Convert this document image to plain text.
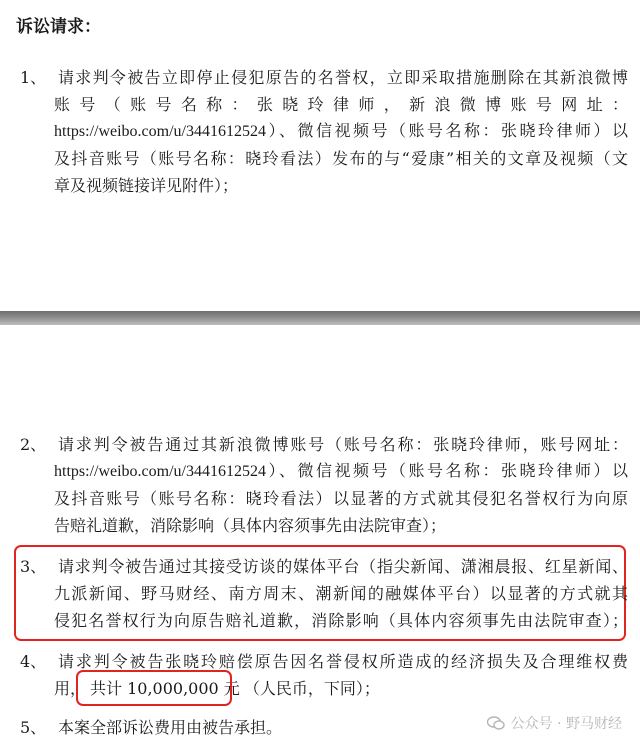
诉讼请求：
1、 请求判令被告立即停止侵犯原告的名誉权，立即采取措施删除在其新浪微博
账号（账号名称：张晓玲律师，新浪微博账号网址：
https://weibo.com/u/3441612524）、微信视频号（账号名称：张晓玲律师）以
及抖音账号（账号名称：晓玲看法）发布的与“爱康”相关的文章及视频（文
章及视频链接详见附件）；
2、 请求判令被告通过其新浪微博账号（账号名称：张晓玲律师，账号网址：
https://weibo.com/u/3441612524）、微信视频号（账号名称：张晓玲律师）以
及抖音账号（账号名称：晓玲看法）以显著的方式就其侵犯名誉权行为向原
告赔礼道歉，消除影响（具体内容须事先由法院审查）；
3、 请求判令被告通过其接受访谈的媒体平台（指尖新闻、潇湘晨报、红星新闻、
九派新闻、野马财经、南方周末、潮新闻的融媒体平台）以显著的方式就其
侵犯名誉权行为向原告赔礼道歉，消除影响（具体内容须事先由法院审查）；
4、 请求判令被告张晓玲赔偿原告因名誉侵权所造成的经济损失及合理维权费
用， 共计 10,000,000 元 （人民币，下同）；
5、 本案全部诉讼费用由被告承担。	公众号 · 野马财经
